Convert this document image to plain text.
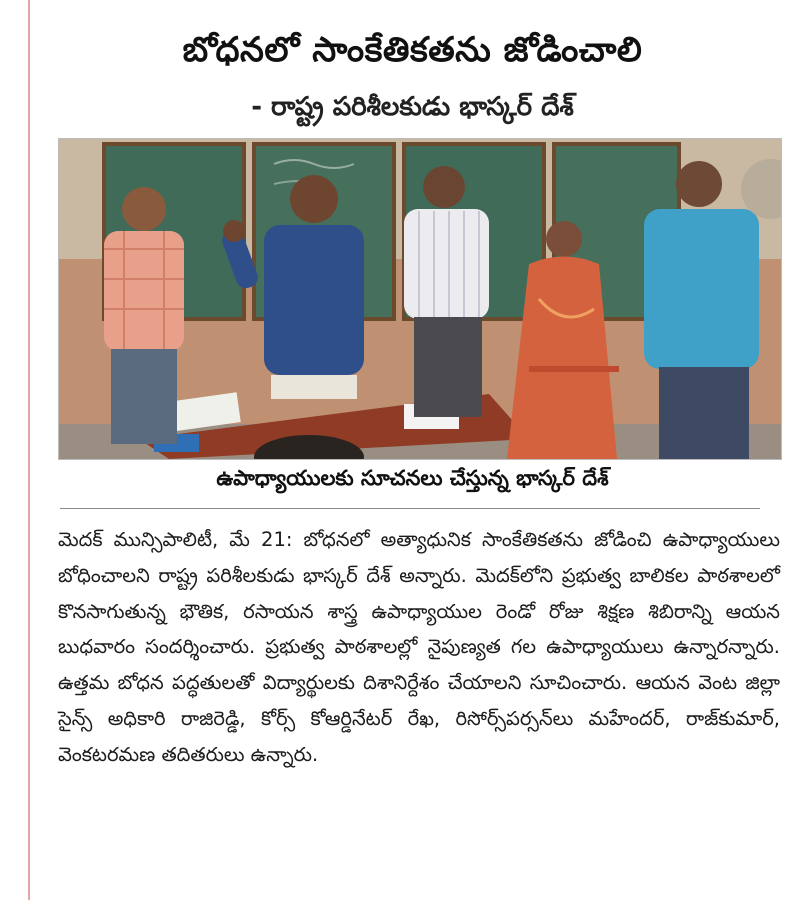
బోధనలో సాంకేతికతను జోడించాలి
- రాష్ట్ర పరిశీలకుడు భాస్కర్ దేశ్
ఉపాధ్యాయులకు సూచనలు చేస్తున్న భాస్కర్ దేశ్
మెదక్ మున్సిపాలిటీ, మే 21: బోధనలో అత్యాధునిక సాంకేతికతను జోడించి ఉపాధ్యాయులు బోధించాలని రాష్ట్ర పరిశీలకుడు భాస్కర్ దేశ్ అన్నారు. మెదక్‌లోని ప్రభుత్వ బాలికల పాఠశాలలో కొనసాగుతున్న భౌతిక, రసాయన శాస్త్ర ఉపాధ్యాయుల రెండో రోజు శిక్షణ శిబిరాన్ని ఆయన బుధవారం సందర్శించారు. ప్రభుత్వ పాఠశాలల్లో నైపుణ్యత గల ఉపాధ్యాయులు ఉన్నారన్నారు. ఉత్తమ బోధన పద్ధతులతో విద్యార్థులకు దిశానిర్దేశం చేయాలని సూచించారు. ఆయన వెంట జిల్లా సైన్స్ అధికారి రాజిరెడ్డి, కోర్స్ కోఆర్డినేటర్ రేఖ, రిసోర్స్‌పర్సన్‌లు మహేందర్, రాజ్‌కుమార్, వెంకటరమణ తదితరులు ఉన్నారు.
